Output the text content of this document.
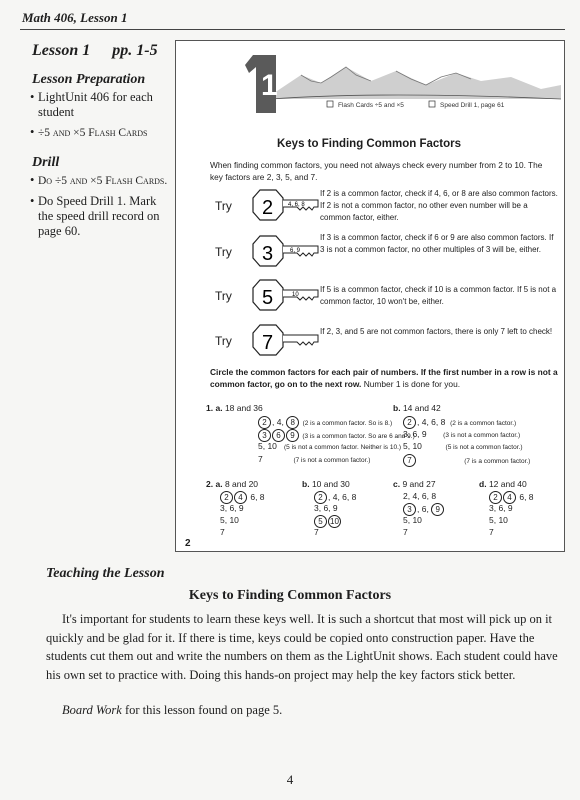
Math 406, Lesson 1
Lesson 1 pp. 1-5
Lesson Preparation
• LightUnit 406 for each student
• ÷5 and ×5 Flash Cards
Drill
• Do ÷5 and ×5 Flash Cards.
• Do Speed Drill 1. Mark the speed drill record on page 60.
1
Flash Cards ÷5 and ×5	Speed Drill 1, page 61
Keys to Finding Common Factors
When finding common factors, you need not always check every number from 2 to 10. The key factors are 2, 3, 5, and 7.
Try 2 4, 6, 8
If 2 is a common factor, check if 4, 6, or 8 are also common factors. If 2 is not a common factor, no other even number will be a common factor, either.
Try 3	6, 9
If 3 is a common factor, check if 6 or 9 are also common factors. If 3 is not a common factor, no other multiples of 3 will be, either.
Try 5	10
If 5 is a common factor, check if 10 is a common factor. If 5 is not a common factor, 10 won't be, either.
Try 7
If 2, 3, and 5 are not common factors, there is only 7 left to check!
Circle the common factors for each pair of numbers. If the first number in a row is not a common factor, go on to the next row. Number 1 is done for you.
1. a. 18 and 36
2 , 4, 8 (2 is a common factor. So is 8.)
3 6 9 (3 is a common factor. So are 6 and 9.)
5, 10 (5 is not a common factor. Neither is 10.)
7	(7 is not a common factor.)
b. 14 and 42
2 , 4, 6, 8  (2 is a common factor.)
3, 6, 9	(3 is not a common factor.)
5, 10	(5 is not a common factor.)
7	(7 is a common factor.)
2. a. 8 and 20
2 4 6, 8
3, 6, 9
5, 10
7
b. 10 and 30
2 , 4, 6, 8
3, 6, 9
5 10
7
c. 9 and 27
2, 4, 6, 8
3 , 6, 9
5, 10
7
d. 12 and 40
2 4 6, 8
3, 6, 9
5, 10
7
2
Teaching the Lesson
Keys to Finding Common Factors
It's important for students to learn these keys well. It is such a shortcut that most will pick up on it quickly and be glad for it. If there is time, keys could be copied onto construction paper. Have the students cut them out and write the numbers on them as the LightUnit shows. Each student could have his own set to practice with. Doing this hands-on project may help the key factors stick better.
Board Work for this lesson found on page 5.
4
